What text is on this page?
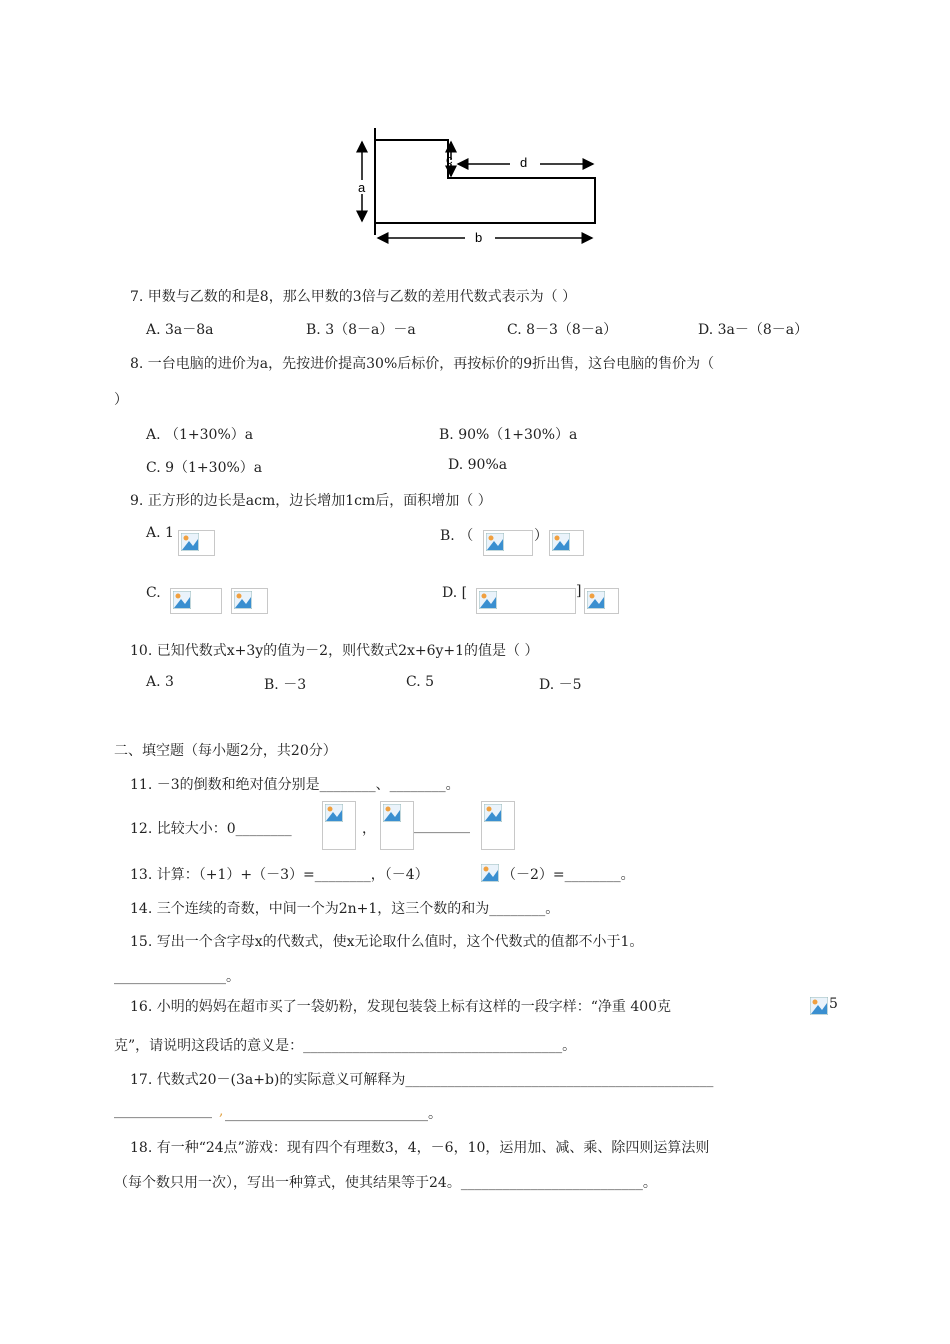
a
c	d
b
7. 甲数与乙数的和是8，那么甲数的3倍与乙数的差用代数式表示为（ ）
A. 3a－8a	B. 3（8－a）－a	C. 8－3（8－a）	D. 3a－（8－a）
8. 一台电脑的进价为a，先按进价提高30%后标价，再按标价的9折出售，这台电脑的售价为（
）
A. （1+30%）a	B. 90%（1+30%）a
C. 9（1+30%）a	D. 90%a
9. 正方形的边长是acm，边长增加1cm后，面积增加（ ）
A. 1	B. （	）
C.	D. [	]
10. 已知代数式x+3y的值为－2，则代数式2x+6y+1的值是（ ）
A. 3	B. －3	C. 5	D. －5
二、填空题（每小题2分，共20分）
11. －3的倒数和绝对值分别是________、________。
12. 比较大小：0________	，	________
13. 计算：（+1）+（－3）=________，（－4）	（－2）=________。
14. 三个连续的奇数，中间一个为2n+1，这三个数的和为________。
15. 写出一个含字母x的代数式，使x无论取什么值时，这个代数式的值都不小于1。
________________。
16. 小明的妈妈在超市买了一袋奶粉，发现包装袋上标有这样的一段字样：“净重 400克	5
克”，请说明这段话的意义是：_____________________________________。
17. 代数式20－(3a+b)的实际意义可解释为____________________________________________
______________ , _____________________________。
18. 有一种“24点”游戏：现有四个有理数3，4，－6，10，运用加、减、乘、除四则运算法则
（每个数只用一次），写出一种算式，使其结果等于24。__________________________。
